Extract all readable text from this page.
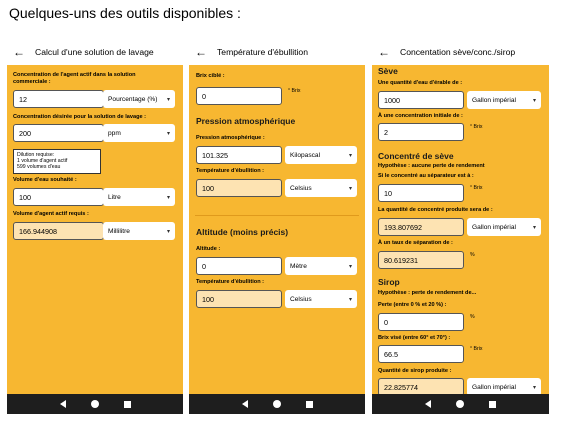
Quelques-uns des outils disponibles :
←	Calcul d'une solution de lavage
Concentration de l'agent actif dans la solution commerciale :
12	Pourcentage (%) ▾
Concentration désirée pour la solution de lavage :
200	ppm	▾
Dilution requise:
1 volume d'agent actif
599 volumes d'eau
Volume d'eau souhaité :
100	Litre	▾
Volume d'agent actif requis :
166.944908	Millilitre	▾
←	Température d'ébullition
Brix ciblé :
0
° Brix
Pression atmosphérique
Pression atmosphérique :
101.325	Kilopascal	▾
Température d'ébullition :
100	Celsius	▾
Altitude (moins précis)
Altitude :
0	Mètre	▾
Température d'ébullition :
100	Celsius	▾
←	Concentation sève/conc./sirop
Sève
Une quantité d'eau d'érable de :
1000	Gallon impérial	▾
À une concentration initiale de :
2
° Brix
Concentré de sève
Hypothèse : aucune perte de rendement
Si le concentré au séparateur est à :
10
° Brix
La quantité de concentré produite sera de :
193.807692	Gallon impérial	▾
À un taux de séparation de :
80.619231
%
Sirop
Hypothèse : perte de rendement de...
Perte (entre 0 % et 20 %) :
0
%
Brix visé (entre 60° et 70°) :
66.5
° Brix
Quantité de sirop produite :
22.825774	Gallon impérial	▾
